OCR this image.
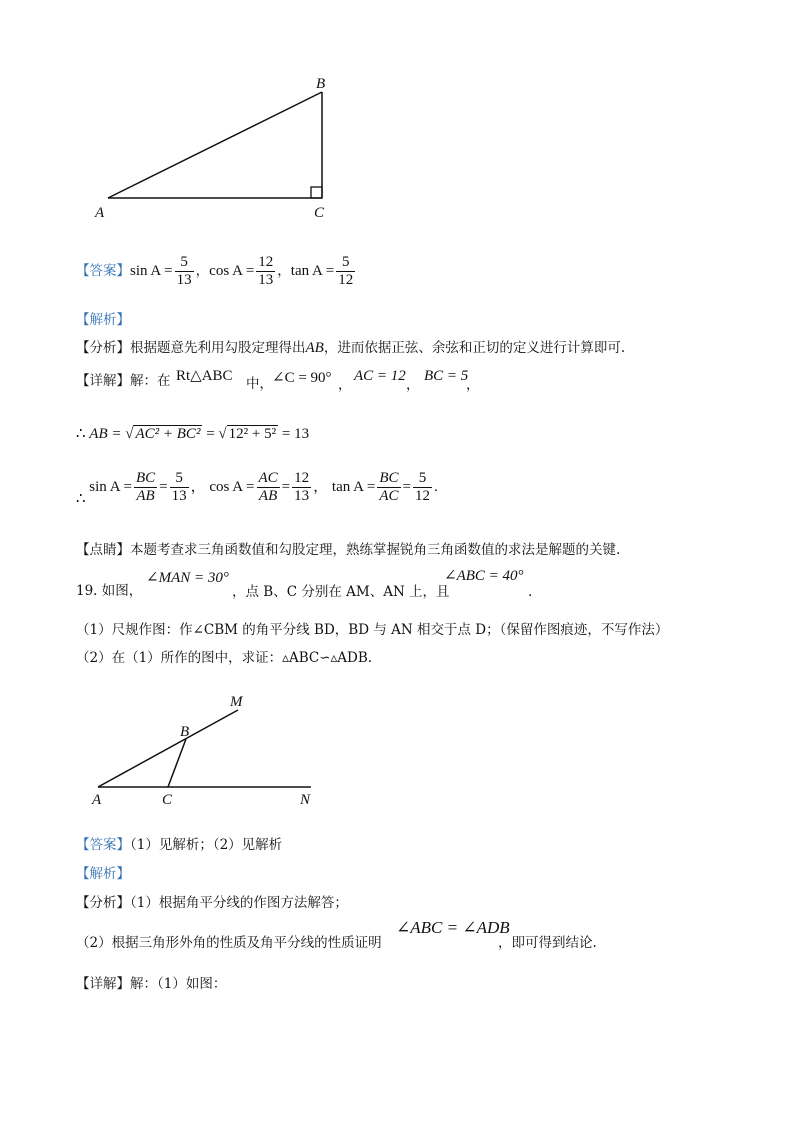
A
B
C
【答案】$\sin A = \frac{5}{13}$ ，$\cos A = \frac{12}{13}$ ，$\tan A = \frac{5}{12}$
【解析】
【分析】根据题意先利用勾股定理得出AB，进而依据正弦、余弦和正切的定义进行计算即可.
【详解】解：在 Rt△ABC 中， ∠C = 90° ，
AC = 12
，
BC = 5
，
∴ AB = √ AC² + BC² = √ 12² + 5² = 13
∴ $\sin A = \frac{BC}{AB} = \frac{5}{13}$ ， $\cos A = \frac{AC}{AB} = \frac{12}{13}$ ， $\tan A = \frac{BC}{AC} = \frac{5}{12}$ .
【点睛】本题考查求三角函数值和勾股定理，熟练掌握锐角三角函数值的求法是解题的关键.
19. 如图，
∠MAN = 30°
，点 B、C 分别在 AM、AN 上，且
∠ABC = 40°
.
（1）尺规作图：作∠CBM 的角平分线 BD，BD 与 AN 相交于点 D；（保留作图痕迹，不写作法）
（2）在（1）所作的图中，求证：▵ABC∽▵ADB.
A	C	N
B
M
【答案】（1）见解析；（2）见解析
【解析】
【分析】（1）根据角平分线的作图方法解答；
（2）根据三角形外角的性质及角平分线的性质证明
∠ABC = ∠ADB
，即可得到结论.
【详解】解：（1）如图：
